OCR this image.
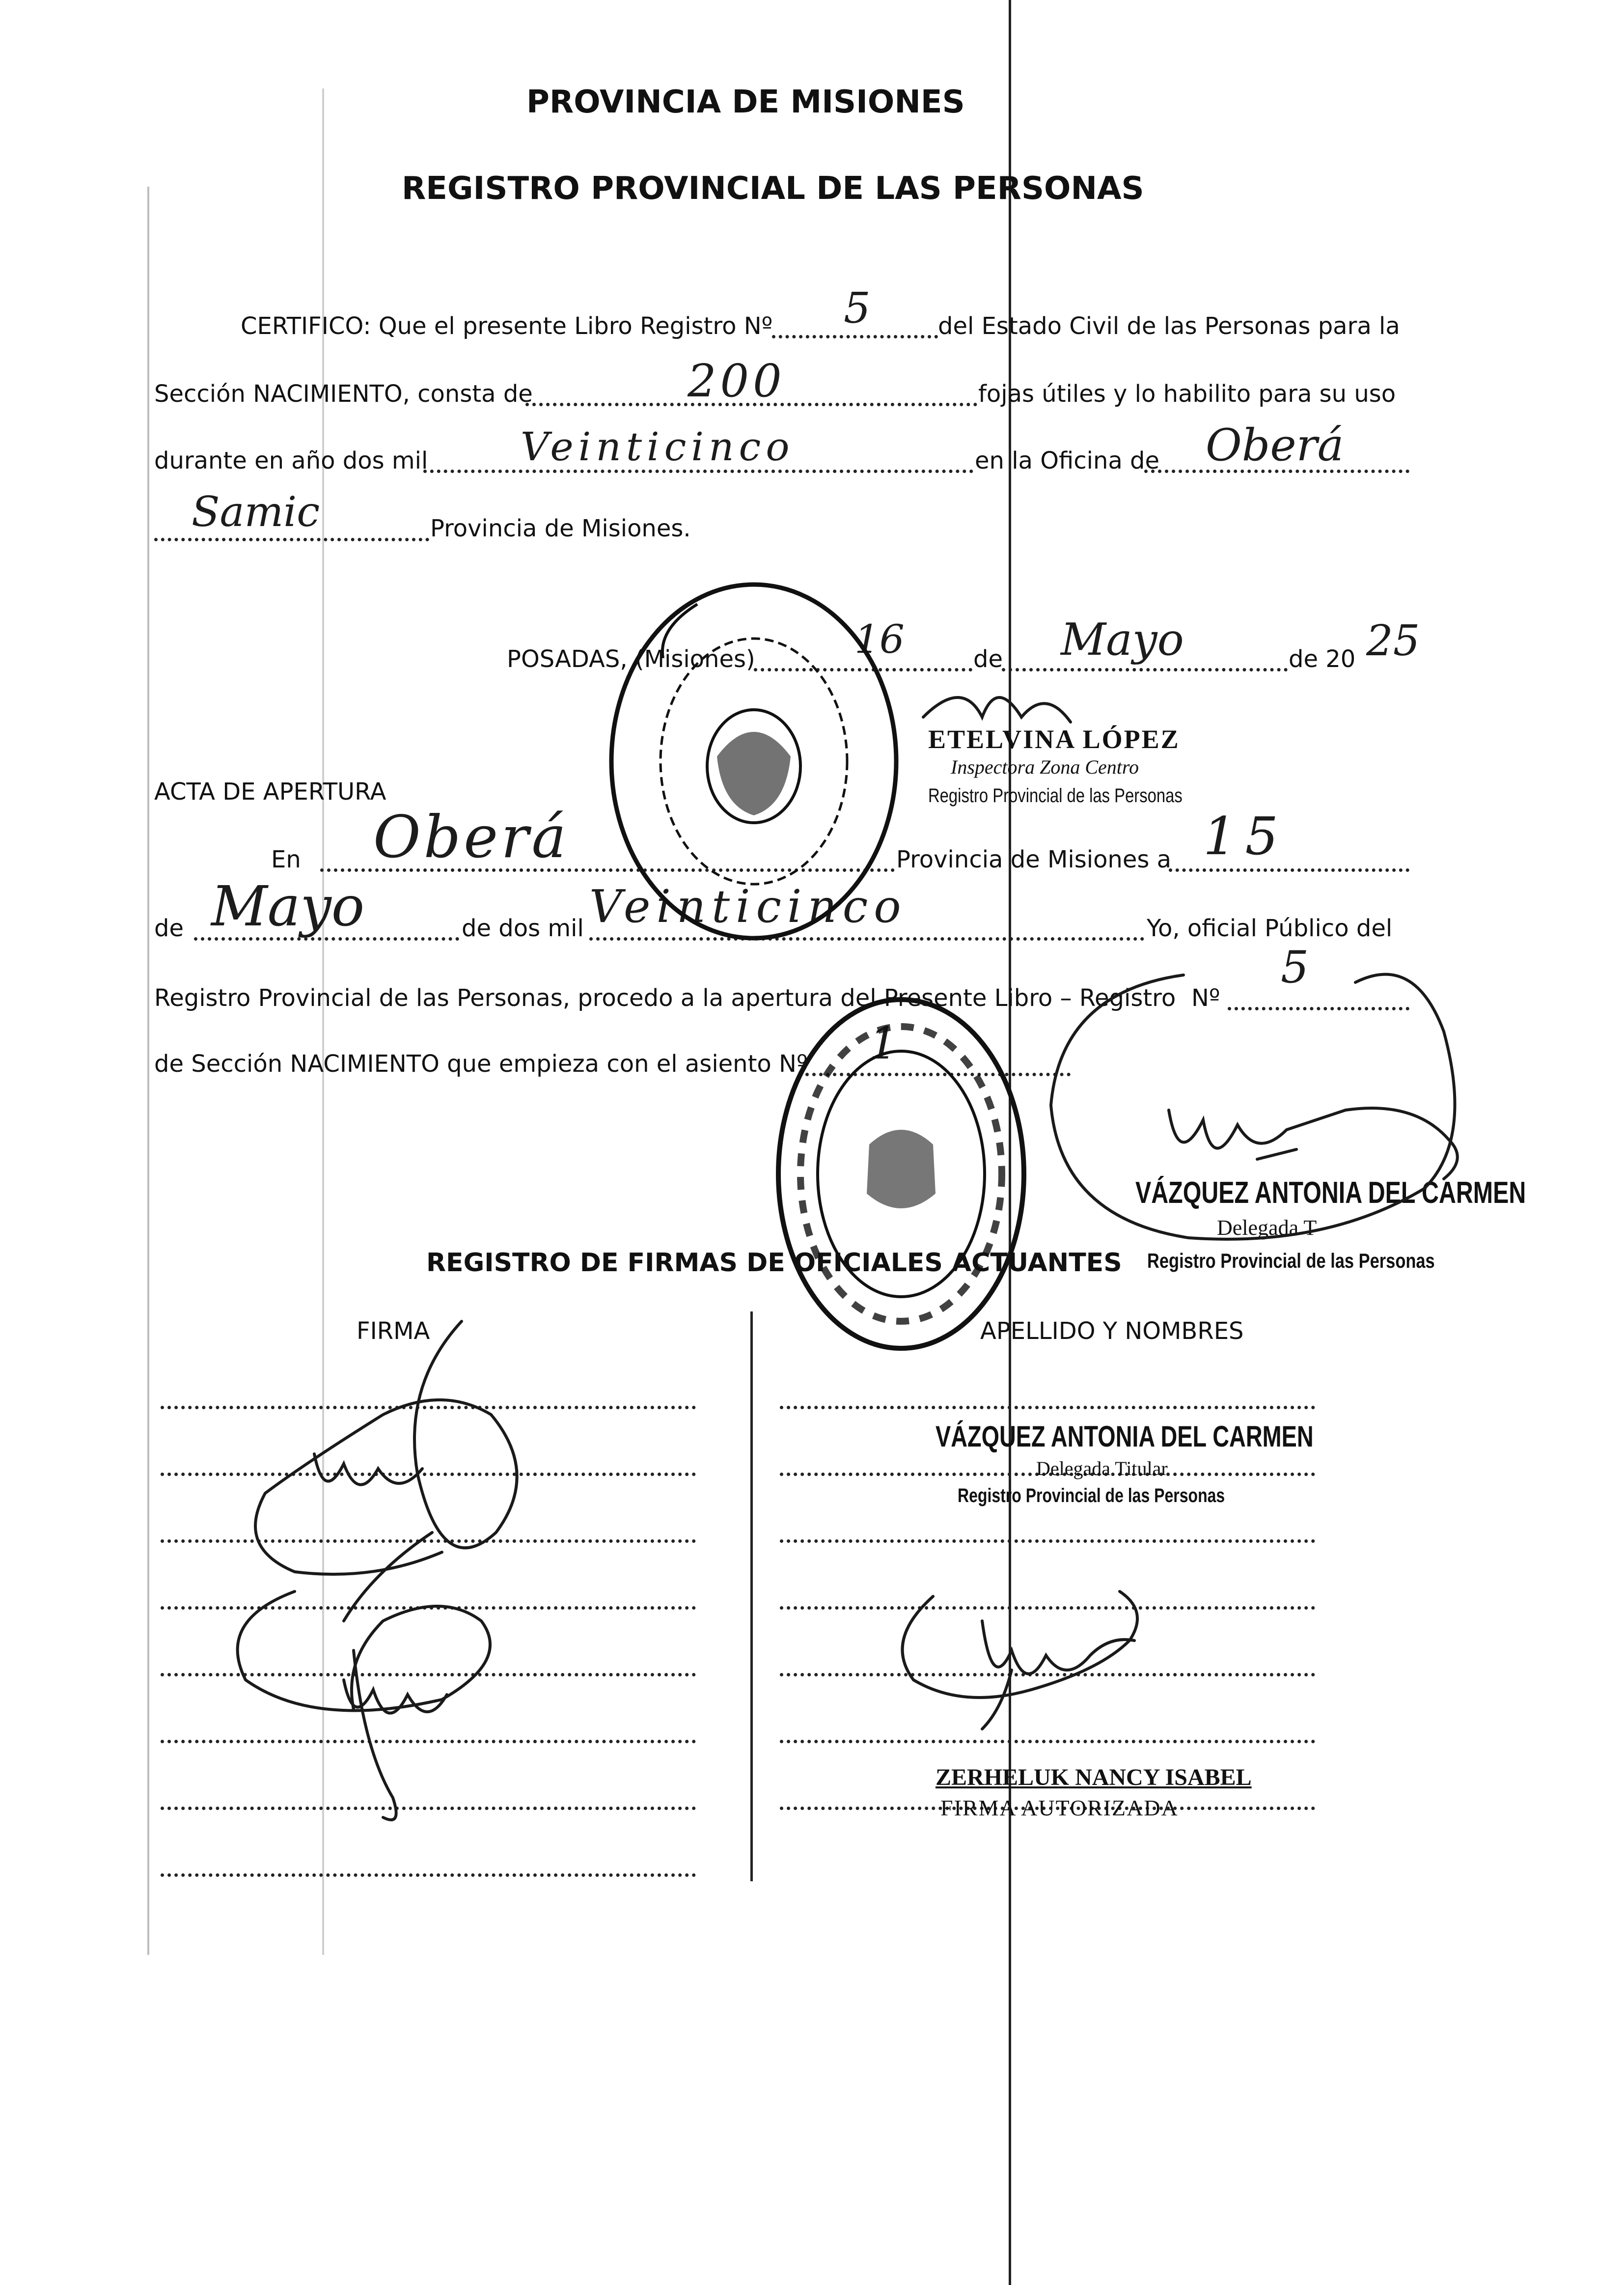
PROVINCIA DE MISIONES
REGISTRO PROVINCIAL DE LAS PERSONAS
CERTIFICO: Que el presente Libro Registro Nº 5	del Estado Civil de las Personas para la
Sección NACIMIENTO, consta de	200	fojas útiles y lo habilito para su uso
durante en año dos mil Veinticinco	en la Oficina de Oberá
Samic	Provincia de Misiones.
POSADAS, (Misiones)	16	de Mayo	de 20 25
ETELVINA LÓPEZ
Inspectora Zona Centro
Registro Provincial de las Personas
ACTA DE APERTURA
En Oberá	Provincia de Misiones a 15
de Mayo	de dos mil Veinticinco	Yo, oficial Público del
Registro Provincial de las Personas, procedo a la apertura del Presente Libro – Registro Nº
5
de Sección NACIMIENTO que empieza con el asiento Nº 1
VÁZQUEZ ANTONIA DEL CARMEN
Delegada T
Registro Provincial de las Personas
REGISTRO DE FIRMAS DE OFICIALES ACTUANTES
FIRMA	APELLIDO Y NOMBRES
VÁZQUEZ ANTONIA DEL CARMEN
Delegada Titular
Registro Provincial de las Personas
ZERHELUK NANCY ISABEL
FIRMA AUTORIZADA
